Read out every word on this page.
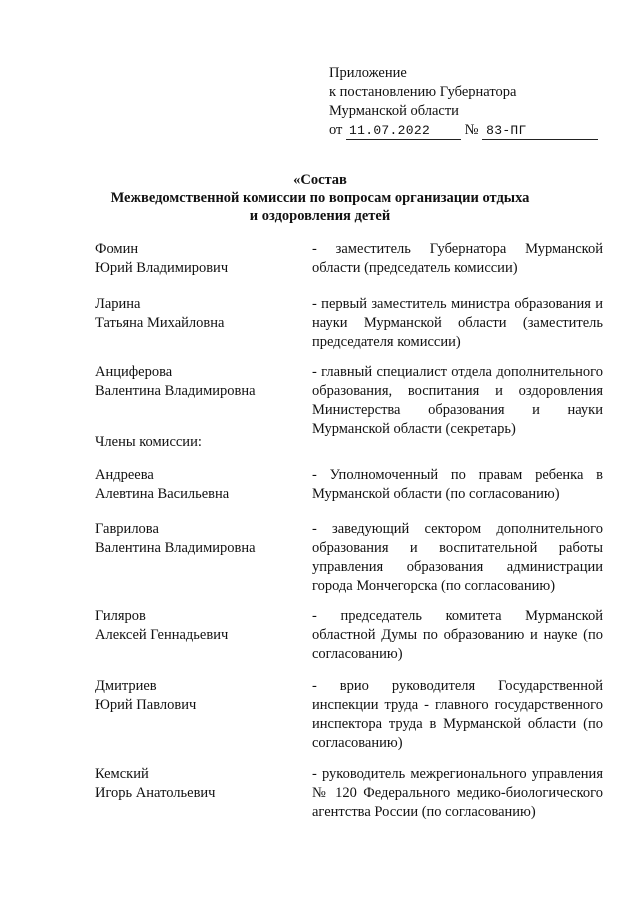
Приложение
к постановлению Губернатора
Мурманской области
от 11.07.2022 № 83-ПГ
«Состав
Межведомственной комиссии по вопросам организации отдыха
и оздоровления детей
Фомин
Юрий Владимирович
- заместитель Губернатора Мурманской области (председатель комиссии)
Ларина
Татьяна Михайловна
- первый заместитель министра образования и науки Мурманской области (заместитель председателя комиссии)
Анциферова
Валентина Владимировна
- главный специалист отдела дополнительного образования, воспитания и оздоровления Министерства образования и науки Мурманской области (секретарь)
Члены комиссии:
Андреева
Алевтина Васильевна
- Уполномоченный по правам ребенка в Мурманской области (по согласованию)
Гаврилова
Валентина Владимировна
- заведующий сектором дополнительного образования и воспитательной работы управления образования администрации города Мончегорска (по согласованию)
Гиляров
Алексей Геннадьевич
- председатель комитета Мурманской областной Думы по образованию и науке (по согласованию)
Дмитриев
Юрий Павлович
- врио руководителя Государственной инспекции труда - главного государственного инспектора труда в Мурманской области (по согласованию)
Кемский
Игорь Анатольевич
- руководитель межрегионального управления № 120 Федерального медико-биологического агентства России (по согласованию)
